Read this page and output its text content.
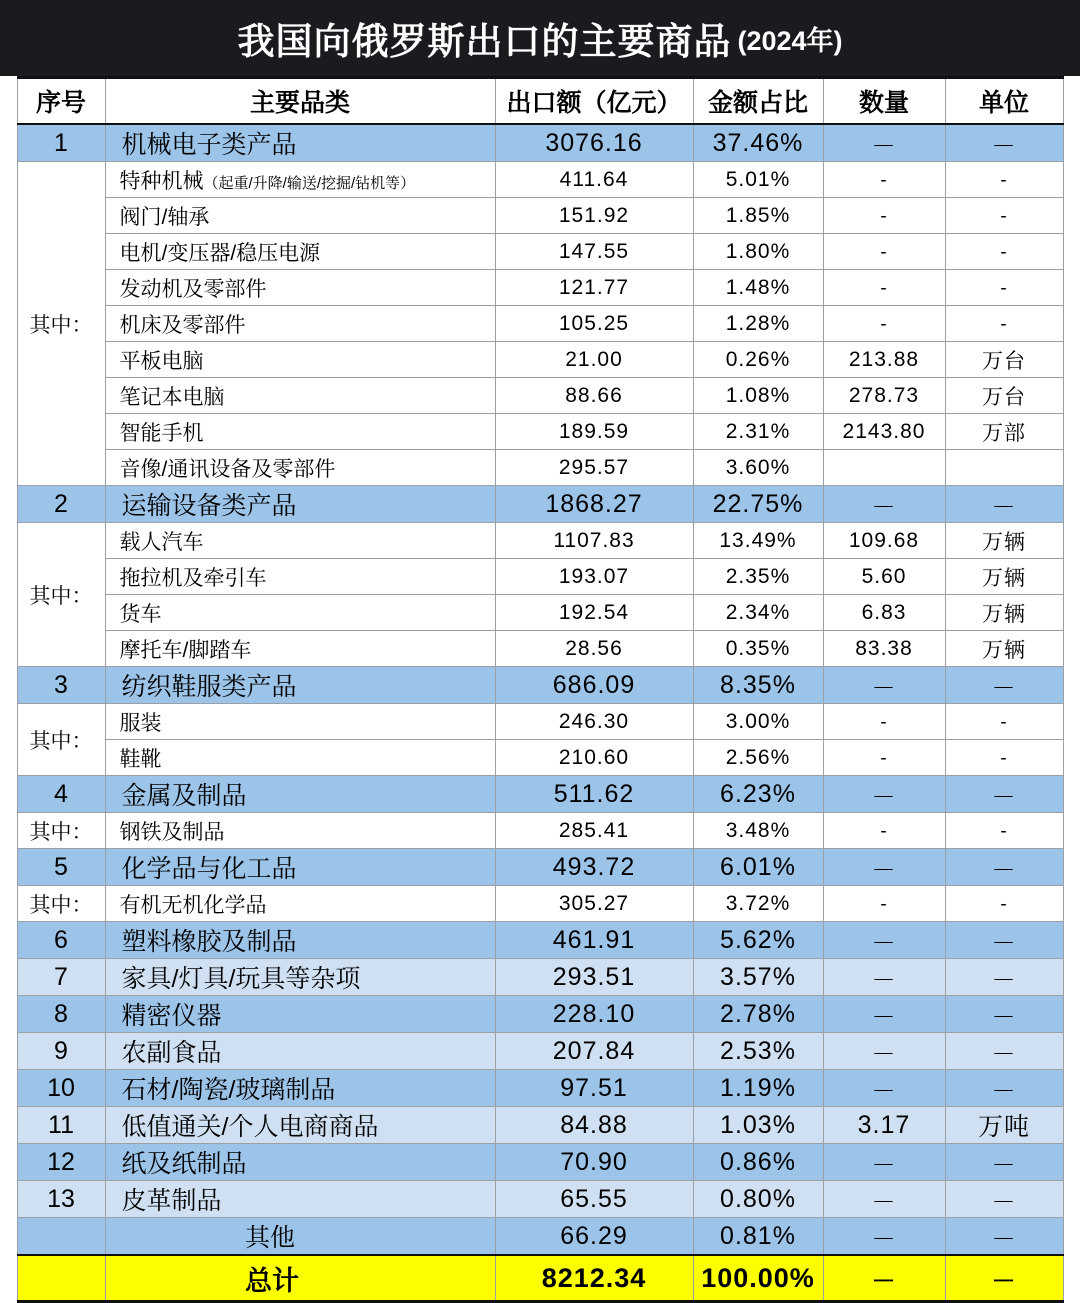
我国向俄罗斯出口的主要商品 (2024年)
序号	主要品类	出口额（亿元）	金额占比	数量	单位
1	机械电子类产品	3076.16	37.46%	－	－
其中：	特种机械（起重/升降/输送/挖掘/钻机等）	411.64	5.01%	-	-
	阀门/轴承	151.92	1.85%	-	-
	电机/变压器/稳压电源	147.55	1.80%	-	-
	发动机及零部件	121.77	1.48%	-	-
	机床及零部件	105.25	1.28%	-	-
	平板电脑	21.00	0.26%	213.88	万台
	笔记本电脑	88.66	1.08%	278.73	万台
	智能手机	189.59	2.31%	2143.80	万部
	音像/通讯设备及零部件	295.57	3.60%		
2	运输设备类产品	1868.27	22.75%	－	－
其中：	载人汽车	1107.83	13.49%	109.68	万辆
	拖拉机及牵引车	193.07	2.35%	5.60	万辆
	货车	192.54	2.34%	6.83	万辆
	摩托车/脚踏车	28.56	0.35%	83.38	万辆
3	纺织鞋服类产品	686.09	8.35%	－	－
其中：	服装	246.30	3.00%	-	-
	鞋靴	210.60	2.56%	-	-
4	金属及制品	511.62	6.23%	－	－
其中：	钢铁及制品	285.41	3.48%	-	-
5	化学品与化工品	493.72	6.01%	－	－
其中：	有机无机化学品	305.27	3.72%	-	-
6	塑料橡胶及制品	461.91	5.62%	－	－
7	家具/灯具/玩具等杂项	293.51	3.57%	－	－
8	精密仪器	228.10	2.78%	－	－
9	农副食品	207.84	2.53%	－	－
10	石材/陶瓷/玻璃制品	97.51	1.19%	－	－
11	低值通关/个人电商商品	84.88	1.03%	3.17	万吨
12	纸及纸制品	70.90	0.86%	－	－
13	皮革制品	65.55	0.80%	－	－
	其他	66.29	0.81%	－	－
	总计	8212.34	100.00%	－	－
